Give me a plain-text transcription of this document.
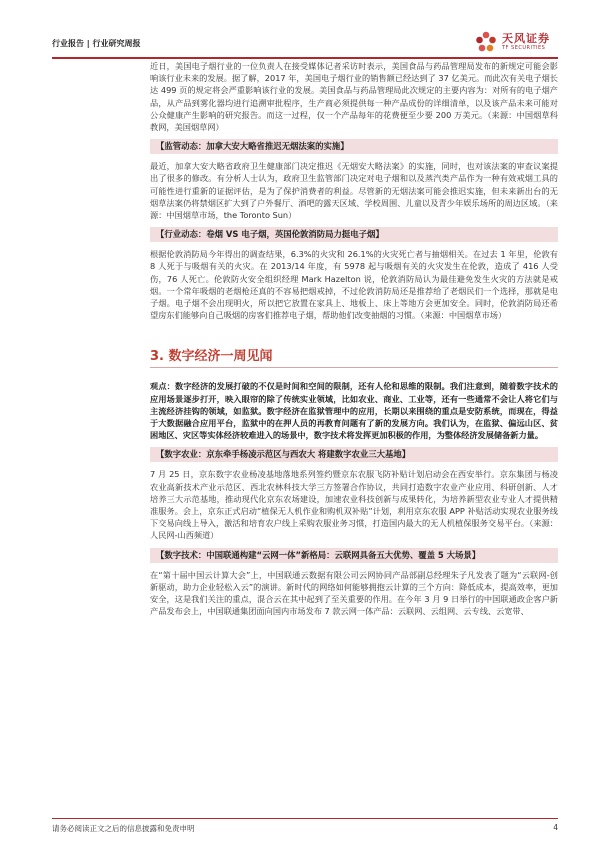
行业报告 | 行业研究周报	天风证券
TF SECURITIES

近日，美国电子烟行业的一位负责人在接受媒体记者采访时表示，美国食品与药品管理局发布的新规定可能会影响该行业未来的发展。据了解，2017 年，美国电子烟行业的销售额已经达到了 37 亿美元。而此次有关电子烟长达 499 页的规定将会严重影响该行业的发展。美国食品与药品管理局此次规定的主要内容为：对所有的电子烟产品，从产品到雾化器均进行追溯审批程序，生产商必须提供每一种产品成份的详细清单，以及该产品未来可能对公众健康产生影响的研究报告。而这一过程，仅一个产品每年的花费便至少要 200 万美元。（来源：中国烟草科教网，美国烟草网）

【监管动态：加拿大安大略省推迟无烟法案的实施】

最近，加拿大安大略省政府卫生健康部门决定推迟《无烟安大略法案》的实施，同时，也对该法案的审查议案提出了很多的修改。有分析人士认为，政府卫生监管部门决定对电子烟和以及蒸汽类产品作为一种有效戒烟工具的可能性进行重新的证据评估，是为了保护消费者的利益。尽管新的无烟法案可能会推迟实施，但未来新出台的无烟草法案仍将禁烟区扩大到了户外餐厅、酒吧的露天区域、学校周围、儿童以及青少年娱乐场所的周边区域。（来源：中国烟草市场，the Toronto Sun）

【行业动态：卷烟 VS 电子烟，英国伦敦消防局力挺电子烟】

根据伦敦消防局今年得出的调查结果，6.3%的火灾和 26.1%的火灾死亡者与抽烟相关。在过去 1 年里，伦敦有 8 人死于与吸烟有关的火灾。在 2013/14 年度，有 5978 起与吸烟有关的火灾发生在伦敦，造成了 416 人受伤，76 人死亡。伦敦防火安全组织经理 Mark Hazelton 说，伦敦消防局认为最佳避免发生火灾的方法就是戒烟。一个常年吸烟的老烟枪还真的不容易把烟戒掉，不过伦敦消防局还是推荐给了老烟民们一个选择，那就是电子烟。电子烟不会出现明火，所以把它放置在家具上、地板上、床上等地方会更加安全。同时，伦敦消防局还希望房东们能够向自己吸烟的房客们推荐电子烟，帮助他们改变抽烟的习惯。（来源：中国烟草市场）

3. 数字经济一周见闻

观点：数字经济的发展打破的不仅是时间和空间的限制，还有人伦和思维的限制。我们注意到，随着数字技术的应用场景逐步打开，映入眼帘的除了传统实业领域，比如农业、商业、工业等，还有一些通常不会让人将它们与主流经济挂钩的领域，如监狱。数字经济在监狱管理中的应用，长期以来围绕的重点是安防系统，而现在，得益于大数据融合应用平台，监狱中的在押人员的再教育问题有了新的发展方向。我们认为，在监狱、偏远山区、贫困地区、灾区等实体经济较难进入的场景中，数字技术将发挥更加积极的作用，为整体经济发展储备新力量。

【数字农业：京东牵手杨凌示范区与西农大 将建数字农业三大基地】

7 月 25 日，京东数字农业杨凌基地落地系列签约暨京东农服飞防补贴计划启动会在西安举行。京东集团与杨凌农业高新技术产业示范区、西北农林科技大学三方签署合作协议，共同打造数字农业产业应用、科研创新、人才培养三大示范基地，推动现代化京东农场建设，加速农业科技创新与成果转化，为培养新型农业专业人才提供精准服务。会上，京东正式启动“植保无人机作业和购机双补贴”计划，利用京东农服 APP 补贴活动实现农业服务线下交易向线上导入，激活和培育农户线上采购农服业务习惯，打造国内最大的无人机植保服务交易平台。（来源：人民网-山西频道）

【数字技术：中国联通构建“云网一体”新格局：云联网具备五大优势、覆盖 5 大场景】

在“第十届中国云计算大会”上，中国联通云数据有限公司云网协同产品部副总经理朱子凡发表了题为“云联网-创新驱动，助力企业轻松入云”的演讲。新时代的网络如何能够拥抱云计算的三个方向：降低成本，提高效率，更加安全，这是我们关注的重点，混合云在其中起到了至关重要的作用。在今年 3 月 9 日举行的中国联通政企客户新产品发布会上，中国联通集团面向国内市场发布 7 款云网一体产品：云联网、云组网、云专线、云宽带、

请务必阅读正文之后的信息披露和免责申明	4
